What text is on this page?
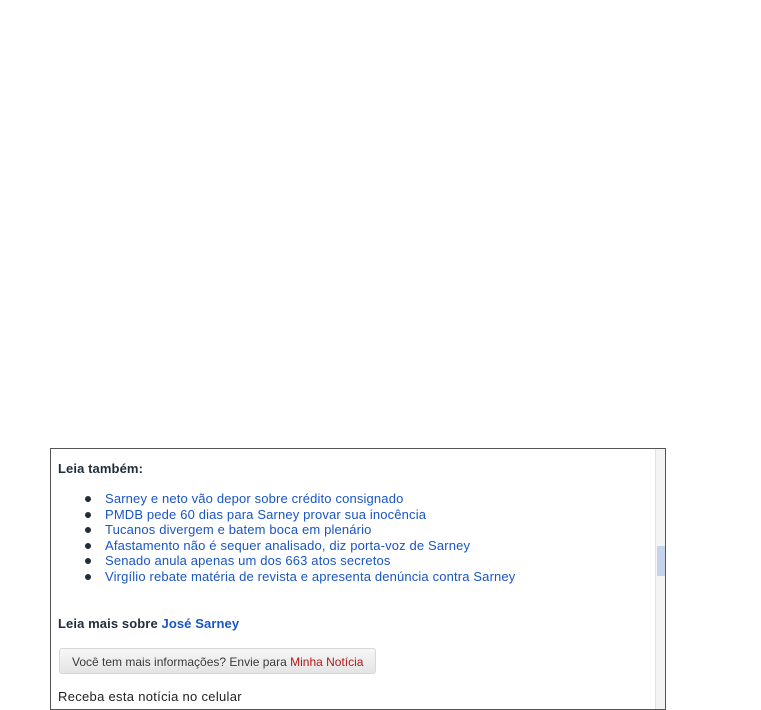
Leia também:
Sarney e neto vão depor sobre crédito consignado
PMDB pede 60 dias para Sarney provar sua inocência
Tucanos divergem e batem boca em plenário
Afastamento não é sequer analisado, diz porta-voz de Sarney
Senado anula apenas um dos 663 atos secretos
Virgílio rebate matéria de revista e apresenta denúncia contra Sarney
Leia mais sobre José Sarney
Você tem mais informações? Envie para Minha Notícia
Receba esta notícia no celular
